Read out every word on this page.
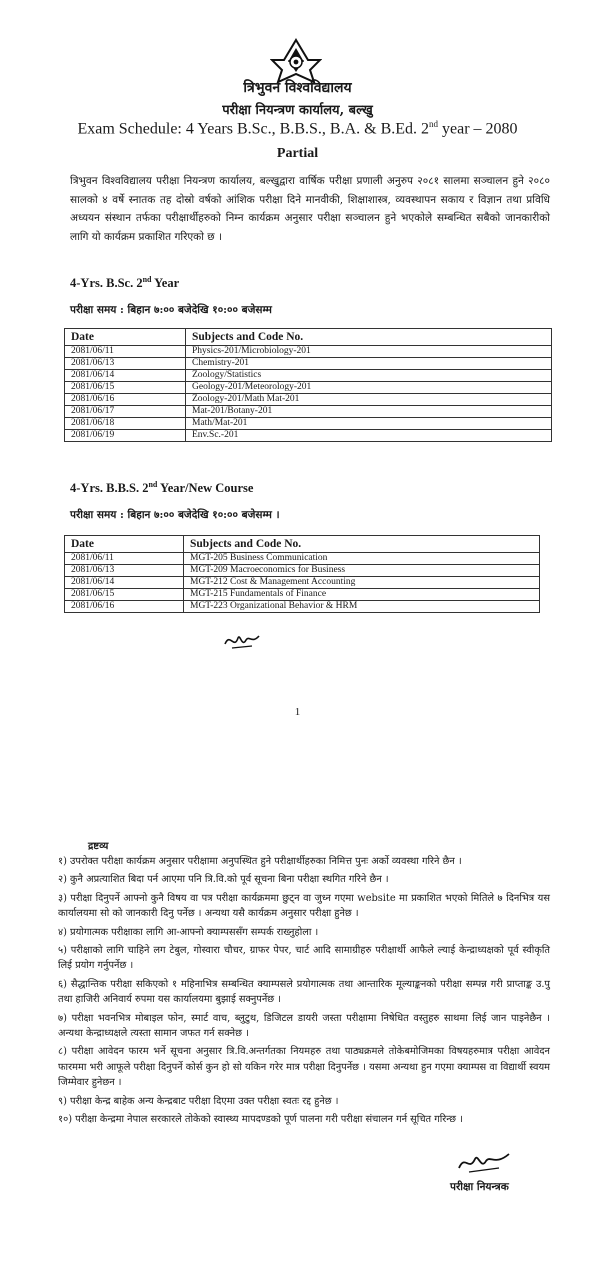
त्रिभुवन विश्वविद्यालय
परीक्षा नियन्त्रण कार्यालय, बल्खु
Exam Schedule: 4 Years B.Sc., B.B.S., B.A. & B.Ed. 2nd year – 2080
Partial
त्रिभुवन विश्वविद्यालय परीक्षा नियन्त्रण कार्यालय, बल्खुद्वारा वार्षिक परीक्षा प्रणाली अनुरुप २०८१ सालमा सञ्चालन हुने २०८० सालको ४ वर्षे स्नातक तह दोस्रो वर्षको आंशिक परीक्षा दिने मानवीकी, शिक्षाशास्त्र, व्यवस्थापन सकाय र विज्ञान तथा प्रविधि अध्ययन संस्थान तर्फका परीक्षार्थीहरुको निम्न कार्यक्रम अनुसार परीक्षा सञ्चालन हुने भएकोले सम्बन्धित सबैको जानकारीको लागि यो कार्यक्रम प्रकाशित गरिएको छ ।
4-Yrs. B.Sc. 2nd Year
परीक्षा समय : बिहान ७:०० बजेदेखि १०:०० बजेसम्म
Date	Subjects and Code No.
2081/06/11	Physics-201/Microbiology-201
2081/06/13	Chemistry-201
2081/06/14	Zoology/Statistics
2081/06/15	Geology-201/Meteorology-201
2081/06/16	Zoology-201/Math Mat-201
2081/06/17	Mat-201/Botany-201
2081/06/18	Math/Mat-201
2081/06/19	Env.Sc.-201
4-Yrs. B.B.S. 2nd Year/New Course
परीक्षा समय : बिहान ७:०० बजेदेखि १०:०० बजेसम्म ।
Date	Subjects and Code No.
2081/06/11	MGT-205 Business Communication
2081/06/13	MGT-209 Macroeconomics for Business
2081/06/14	MGT-212 Cost & Management Accounting
2081/06/15	MGT-215 Fundamentals of Finance
2081/06/16	MGT-223 Organizational Behavior & HRM
1
द्रष्टव्य
१) उपरोक्त परीक्षा कार्यक्रम अनुसार परीक्षामा अनुपस्थित हुने परीक्षार्थीहरुका निमित्त पुनः अर्को व्यवस्था गरिने छैन ।
२) कुनै अप्रत्याशित बिदा पर्न आएमा पनि त्रि.वि.को पूर्व सूचना बिना परीक्षा स्थगित गरिने छैन ।
३) परीक्षा दिनुपर्ने आफ्नो कुनै विषय वा पत्र परीक्षा कार्यक्रममा छुट्न वा जुध्न गएमा website मा प्रकाशित भएको मितिले ७ दिनभित्र यस कार्यालयमा सो को जानकारी दिनु पर्नेछ । अन्यथा यसै कार्यक्रम अनुसार परीक्षा हुनेछ ।
४) प्रयोगात्मक परीक्षाका लागि आ-आफ्नो क्याम्पससँग सम्पर्क राख्नुहोला ।
५) परीक्षाको लागि चाहिने लग टेबुल, गोस्वारा चौचर, ग्राफर पेपर, चार्ट आदि सामाग्रीहरु परीक्षार्थी आफैले ल्याई केन्द्राध्यक्षको पूर्व स्वीकृति लिई प्रयोग गर्नुपर्नेछ ।
६) सैद्धान्तिक परीक्षा सकिएको १ महिनाभित्र सम्बन्धित क्याम्पसले प्रयोगात्मक तथा आन्तारिक मूल्याङ्कनको परीक्षा सम्पन्न गरी प्राप्ताङ्क उ.पु तथा हाजिरी अनिवार्य रुपमा यस कार्यालयमा बुझाई सक्नुपर्नेछ ।
७) परीक्षा भवनभित्र मोबाइल फोन, स्मार्ट वाच, ब्लुटुथ, डिजिटल डायरी जस्ता परीक्षामा निषेधित वस्तुहरु साथमा लिई जान पाइनेछैन । अन्यथा केन्द्राध्यक्षले त्यस्ता सामान जफत गर्न सक्नेछ ।
८) परीक्षा आवेदन फारम भर्ने सूचना अनुसार त्रि.वि.अन्तर्गतका नियमहरु तथा पाठ्यक्रमले तोकेबमोजिमका विषयहरुमात्र परीक्षा आवेदन फारममा भरी आफूले परीक्षा दिनुपर्ने कोर्स कुन हो सो यकिन गरेर मात्र परीक्षा दिनुपर्नेछ । यसमा अन्यथा हुन गएमा क्याम्पस वा विद्यार्थी स्वयम जिम्मेवार हुनेछन ।
९) परीक्षा केन्द्र बाहेक अन्य केन्द्रबाट परीक्षा दिएमा उक्त परीक्षा स्वतः रद्द हुनेछ ।
१०) परीक्षा केन्द्रमा नेपाल सरकारले तोकेको स्वास्थ्य मापदण्डको पूर्ण पालना गरी परीक्षा संचालन गर्न सूचित गरिन्छ ।
परीक्षा नियन्त्रक
